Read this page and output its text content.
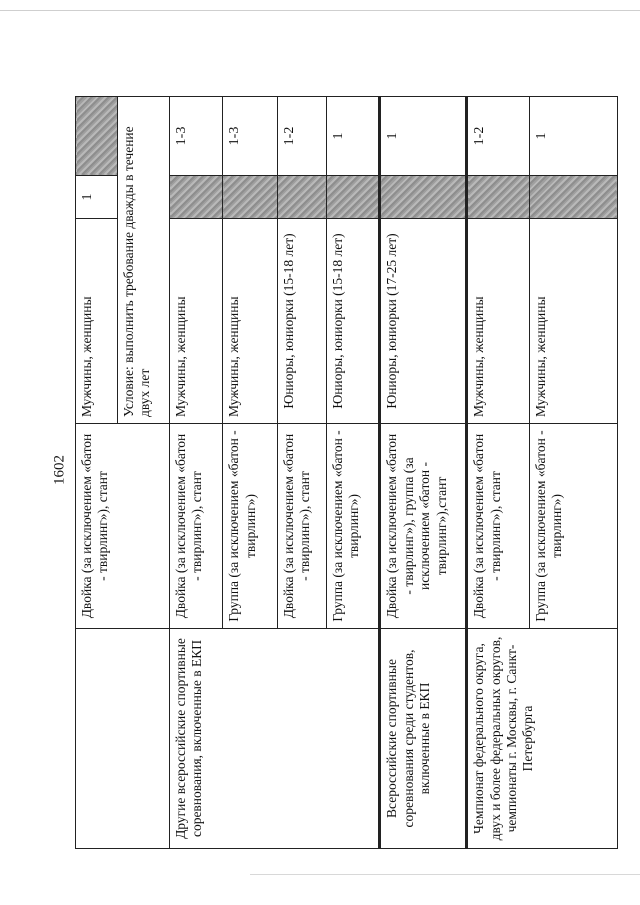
1602
	Двойка (за исключением «батон - твирлинг»), стант	Мужчины, женщины	1	
		Условие: выполнить требование дважды в течение двух лет		
Другие всероссийские спортивные соревнования, включенные в ЕКП	Двойка (за исключением «батон - твирлинг»), стант	Мужчины, женщины		1-3
	Группа (за исключением «батон - твирлинг»)	Мужчины, женщины		1-3
	Двойка (за исключением «батон - твирлинг»), стант	Юниоры, юниорки (15-18 лет)		1-2
	Группа (за исключением «батон - твирлинг»)	Юниоры, юниорки (15-18 лет)		1
Всероссийские спортивные соревнования среди студентов, включенные в ЕКП	Двойка (за исключением «батон - твирлинг»), группа (за исключением «батон - твирлинг»),стант	Юниоры, юниорки (17-25 лет)		1
Чемпионат федерального округа, двух и более федеральных округов, чемпионаты г. Москвы, г. Санкт-Петербурга	Двойка (за исключением «батон - твирлинг»), стант	Мужчины, женщины		1-2
	Группа (за исключением «батон - твирлинг»)	Мужчины, женщины		1
